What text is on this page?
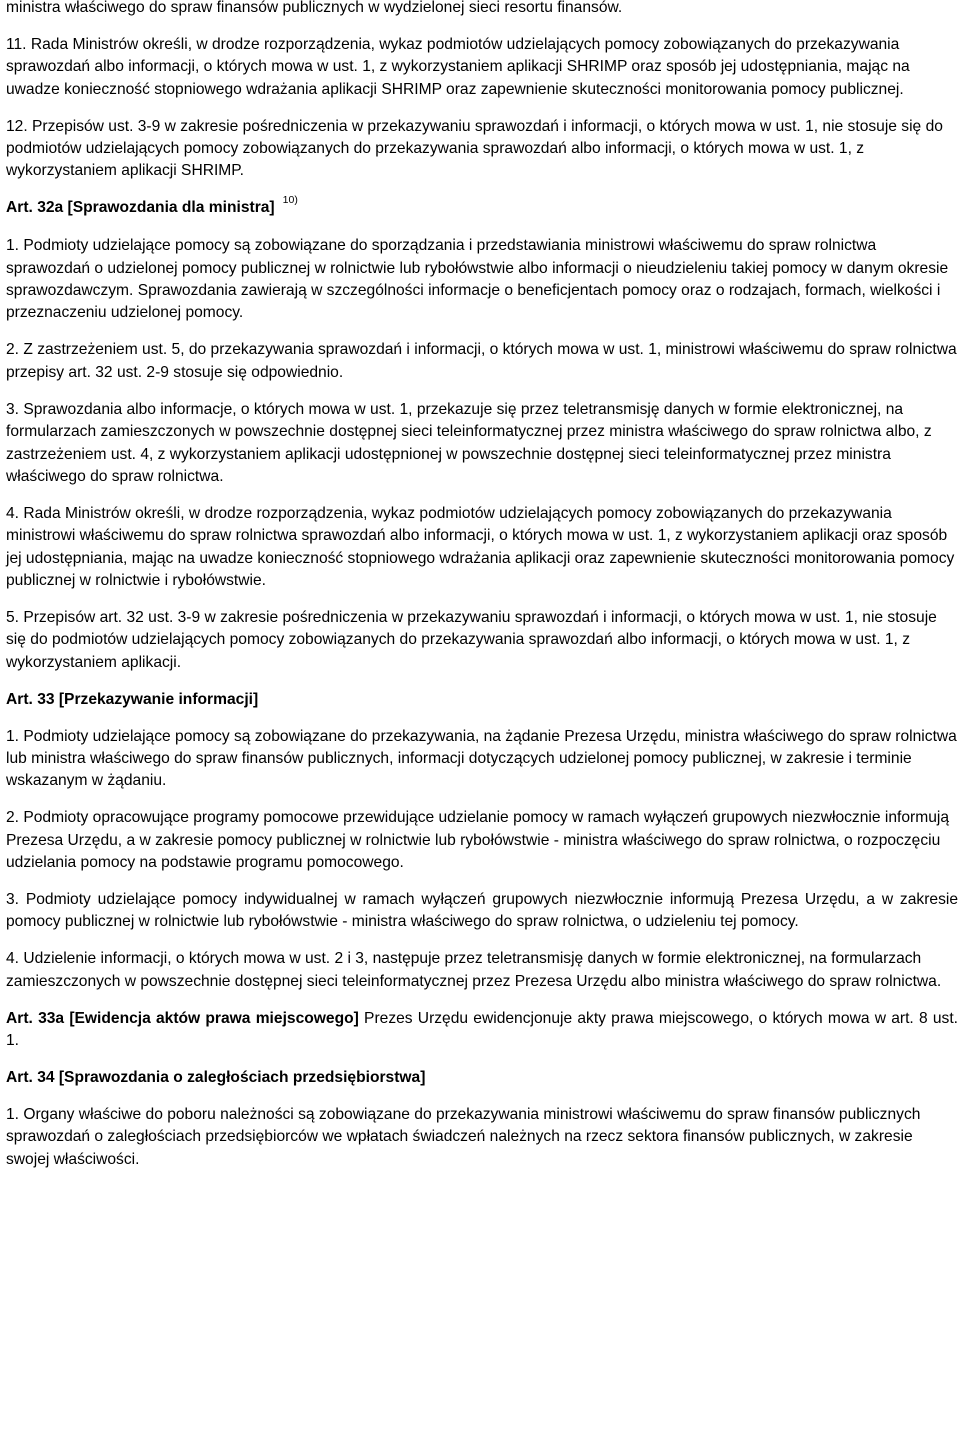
ministra właściwego do spraw finansów publicznych w wydzielonej sieci resortu finansów.
11. Rada Ministrów określi, w drodze rozporządzenia, wykaz podmiotów udzielających pomocy zobowiązanych do przekazywania sprawozdań albo informacji, o których mowa w ust. 1, z wykorzystaniem aplikacji SHRIMP oraz sposób jej udostępniania, mając na uwadze konieczność stopniowego wdrażania aplikacji SHRIMP oraz zapewnienie skuteczności monitorowania pomocy publicznej.
12. Przepisów ust. 3-9 w zakresie pośredniczenia w przekazywaniu sprawozdań i informacji, o których mowa w ust. 1, nie stosuje się do podmiotów udzielających pomocy zobowiązanych do przekazywania sprawozdań albo informacji, o których mowa w ust. 1, z wykorzystaniem aplikacji SHRIMP.
Art. 32a [Sprawozdania dla ministra] $^{10)}$
1. Podmioty udzielające pomocy są zobowiązane do sporządzania i przedstawiania ministrowi właściwemu do spraw rolnictwa sprawozdań o udzielonej pomocy publicznej w rolnictwie lub rybołówstwie albo informacji o nieudzieleniu takiej pomocy w danym okresie sprawozdawczym. Sprawozdania zawierają w szczególności informacje o beneficjentach pomocy oraz o rodzajach, formach, wielkości i przeznaczeniu udzielonej pomocy.
2. Z zastrzeżeniem ust. 5, do przekazywania sprawozdań i informacji, o których mowa w ust. 1, ministrowi właściwemu do spraw rolnictwa przepisy art. 32 ust. 2-9 stosuje się odpowiednio.
3. Sprawozdania albo informacje, o których mowa w ust. 1, przekazuje się przez teletransmisję danych w formie elektronicznej, na formularzach zamieszczonych w powszechnie dostępnej sieci teleinformatycznej przez ministra właściwego do spraw rolnictwa albo, z zastrzeżeniem ust. 4, z wykorzystaniem aplikacji udostępnionej w powszechnie dostępnej sieci teleinformatycznej przez ministra właściwego do spraw rolnictwa.
4. Rada Ministrów określi, w drodze rozporządzenia, wykaz podmiotów udzielających pomocy zobowiązanych do przekazywania ministrowi właściwemu do spraw rolnictwa sprawozdań albo informacji, o których mowa w ust. 1, z wykorzystaniem aplikacji oraz sposób jej udostępniania, mając na uwadze konieczność stopniowego wdrażania aplikacji oraz zapewnienie skuteczności monitorowania pomocy publicznej w rolnictwie i rybołówstwie.
5. Przepisów art. 32 ust. 3-9 w zakresie pośredniczenia w przekazywaniu sprawozdań i informacji, o których mowa w ust. 1, nie stosuje się do podmiotów udzielających pomocy zobowiązanych do przekazywania sprawozdań albo informacji, o których mowa w ust. 1, z wykorzystaniem aplikacji.
Art. 33 [Przekazywanie informacji]
1. Podmioty udzielające pomocy są zobowiązane do przekazywania, na żądanie Prezesa Urzędu, ministra właściwego do spraw rolnictwa lub ministra właściwego do spraw finansów publicznych, informacji dotyczących udzielonej pomocy publicznej, w zakresie i terminie wskazanym w żądaniu.
2. Podmioty opracowujące programy pomocowe przewidujące udzielanie pomocy w ramach wyłączeń grupowych niezwłocznie informują Prezesa Urzędu, a w zakresie pomocy publicznej w rolnictwie lub rybołówstwie - ministra właściwego do spraw rolnictwa, o rozpoczęciu udzielania pomocy na podstawie programu pomocowego.
3. Podmioty udzielające pomocy indywidualnej w ramach wyłączeń grupowych niezwłocznie informują Prezesa Urzędu, a w zakresie pomocy publicznej w rolnictwie lub rybołówstwie - ministra właściwego do spraw rolnictwa, o udzieleniu tej pomocy.
4. Udzielenie informacji, o których mowa w ust. 2 i 3, następuje przez teletransmisję danych w formie elektronicznej, na formularzach zamieszczonych w powszechnie dostępnej sieci teleinformatycznej przez Prezesa Urzędu albo ministra właściwego do spraw rolnictwa.
Art. 33a [Ewidencja aktów prawa miejscowego] Prezes Urzędu ewidencjonuje akty prawa miejscowego, o których mowa w art. 8 ust. 1.
Art. 34 [Sprawozdania o zaległościach przedsiębiorstwa]
1. Organy właściwe do poboru należności są zobowiązane do przekazywania ministrowi właściwemu do spraw finansów publicznych sprawozdań o zaległościach przedsiębiorców we wpłatach świadczeń należnych na rzecz sektora finansów publicznych, w zakresie swojej właściwości.
